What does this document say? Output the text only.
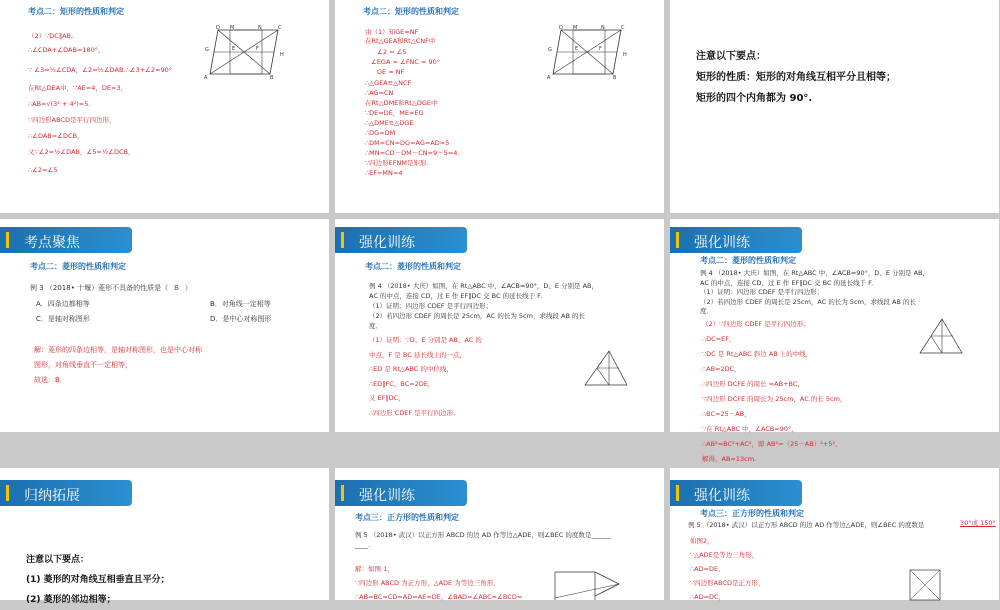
考点二：矩形的性质和判定
（2）∵DC∥AB,
∴∠CDA+∠DAB=180°，
∵ ∠3=½∠CDA，∠2=½∠DAB.∴∠3+∠2=90°
在Rt△DEA中，∵AE=4，DE=3，
∴AB=√(3² + 4²)=5.
∵四边形ABCD是平行四边形，
∴∠DAB=∠DCB，
又∵∠2=½∠DAB，∠5=½∠DCB，
∴∠2=∠5
D M	N	C
G	E	F
H
A	B
考点二：矩形的性质和判定
由（1）知GE=NF
在Rt△GEA和Rt△CNF中
∠2 = ∠5
∠EGA = ∠FNC = 90°
GE = NF
∴△GEA≌△NCF
∴AG=CN
在Rt△DME和Rt△DGE中
∵DE=DE，ME=EG
∴△DME≌△DGE
∴DG=DM
∴DM=CN=DG=AG=AD=5
∴MN=CD－DM－CN=9－5=4.
∵四边形EFNM是矩形.
∴EF=MN=4
D M	N	C
G	E	F
H
A	B
注意以下要点：
矩形的性质：矩形的对角线互相平分且相等；
矩形的四个内角都为 90°.
考点聚焦
考点二：菱形的性质和判定
例 3 （2018• 十堰）菱形不具备的性质是（ B ）
A．四条边都相等	B．对角线一定相等
C．是轴对称图形	D．是中心对称图形
解：菱形的四条边相等，是轴对称图形，也是中心对称
图形，对角线垂直不一定相等，
故选：B．
强化训练
考点二：菱形的性质和判定
例 4 （2018• 大庆）如图，在 Rt△ABC 中，∠ACB=90°，D、E 分别是 AB，
AC 的中点，连接 CD，过 E 作 EF∥DC 交 BC 的延长线于 F．
（1）证明：四边形 CDEF 是平行四边形；
（2）若四边形 CDEF 的周长是 25cm，AC 的长为 5cm，求线段 AB 的长
度．
（1）证明：∵D、E 分别是 AB、AC 的
中点，F 是 BC 延长线上的一点，
∴ED 是 Rt△ABC 的中位线，
∴ED∥FC，BC=2DE，
又 EF∥DC，
∴四边形 CDEF 是平行四边形．
强化训练
考点二：菱形的性质和判定
例 4 （2018• 大庆）如图，在 Rt△ABC 中，∠ACB=90°，D、E 分别是 AB，
AC 的中点，连接 CD，过 E 作 EF∥DC 交 BC 的延长线于 F．
（1）证明：四边形 CDEF 是平行四边形；
（2）若四边形 CDEF 的周长是 25cm，AC 的长为 5cm，求线段 AB 的长
度．
（2）∵四边形 CDEF 是平行四边形；
∴DC=EF，
∵DC 是 Rt△ABC 斜边 AB 上的中线，
∴AB=2DC，
∴四边形 DCFE 的周长 =AB+BC，
∵四边形 DCFE 的周长为 25cm，AC 的长 5cm，
∴BC=25－AB，
∵在 Rt△ABC 中，∠ACB=90°，
∴AB²=BC²+AC²，即 AB²=（25－AB）²+5²，
解得，AB=13cm.
归纳拓展
注意以下要点：
(1) 菱形的对角线互相垂直且平分；
(2) 菱形的邻边相等；
强化训练
考点三：正方形的性质和判定
例 5 （2018• 武汉）以正方形 ABCD 的边 AD 作等边△ADE，则∠BEC 的度数是______
____.
解：如图 1，
∵四边形 ABCD 为正方形，△ADE 为等边三角形，
∴AB=BC=CD=AD=AE=DE，∠BAD=∠ABC=∠BCD=
强化训练
考点三：正方形的性质和判定
例 5 （2018• 武汉）以正方形 ABCD 的边 AD 作等边△ADE，则∠BEC 的度数是	30°或 150°
如图2，
∵△ADE是等边三角形，
∴AD=DE，
∵四边形ABCD是正方形，
∴AD=DC，
